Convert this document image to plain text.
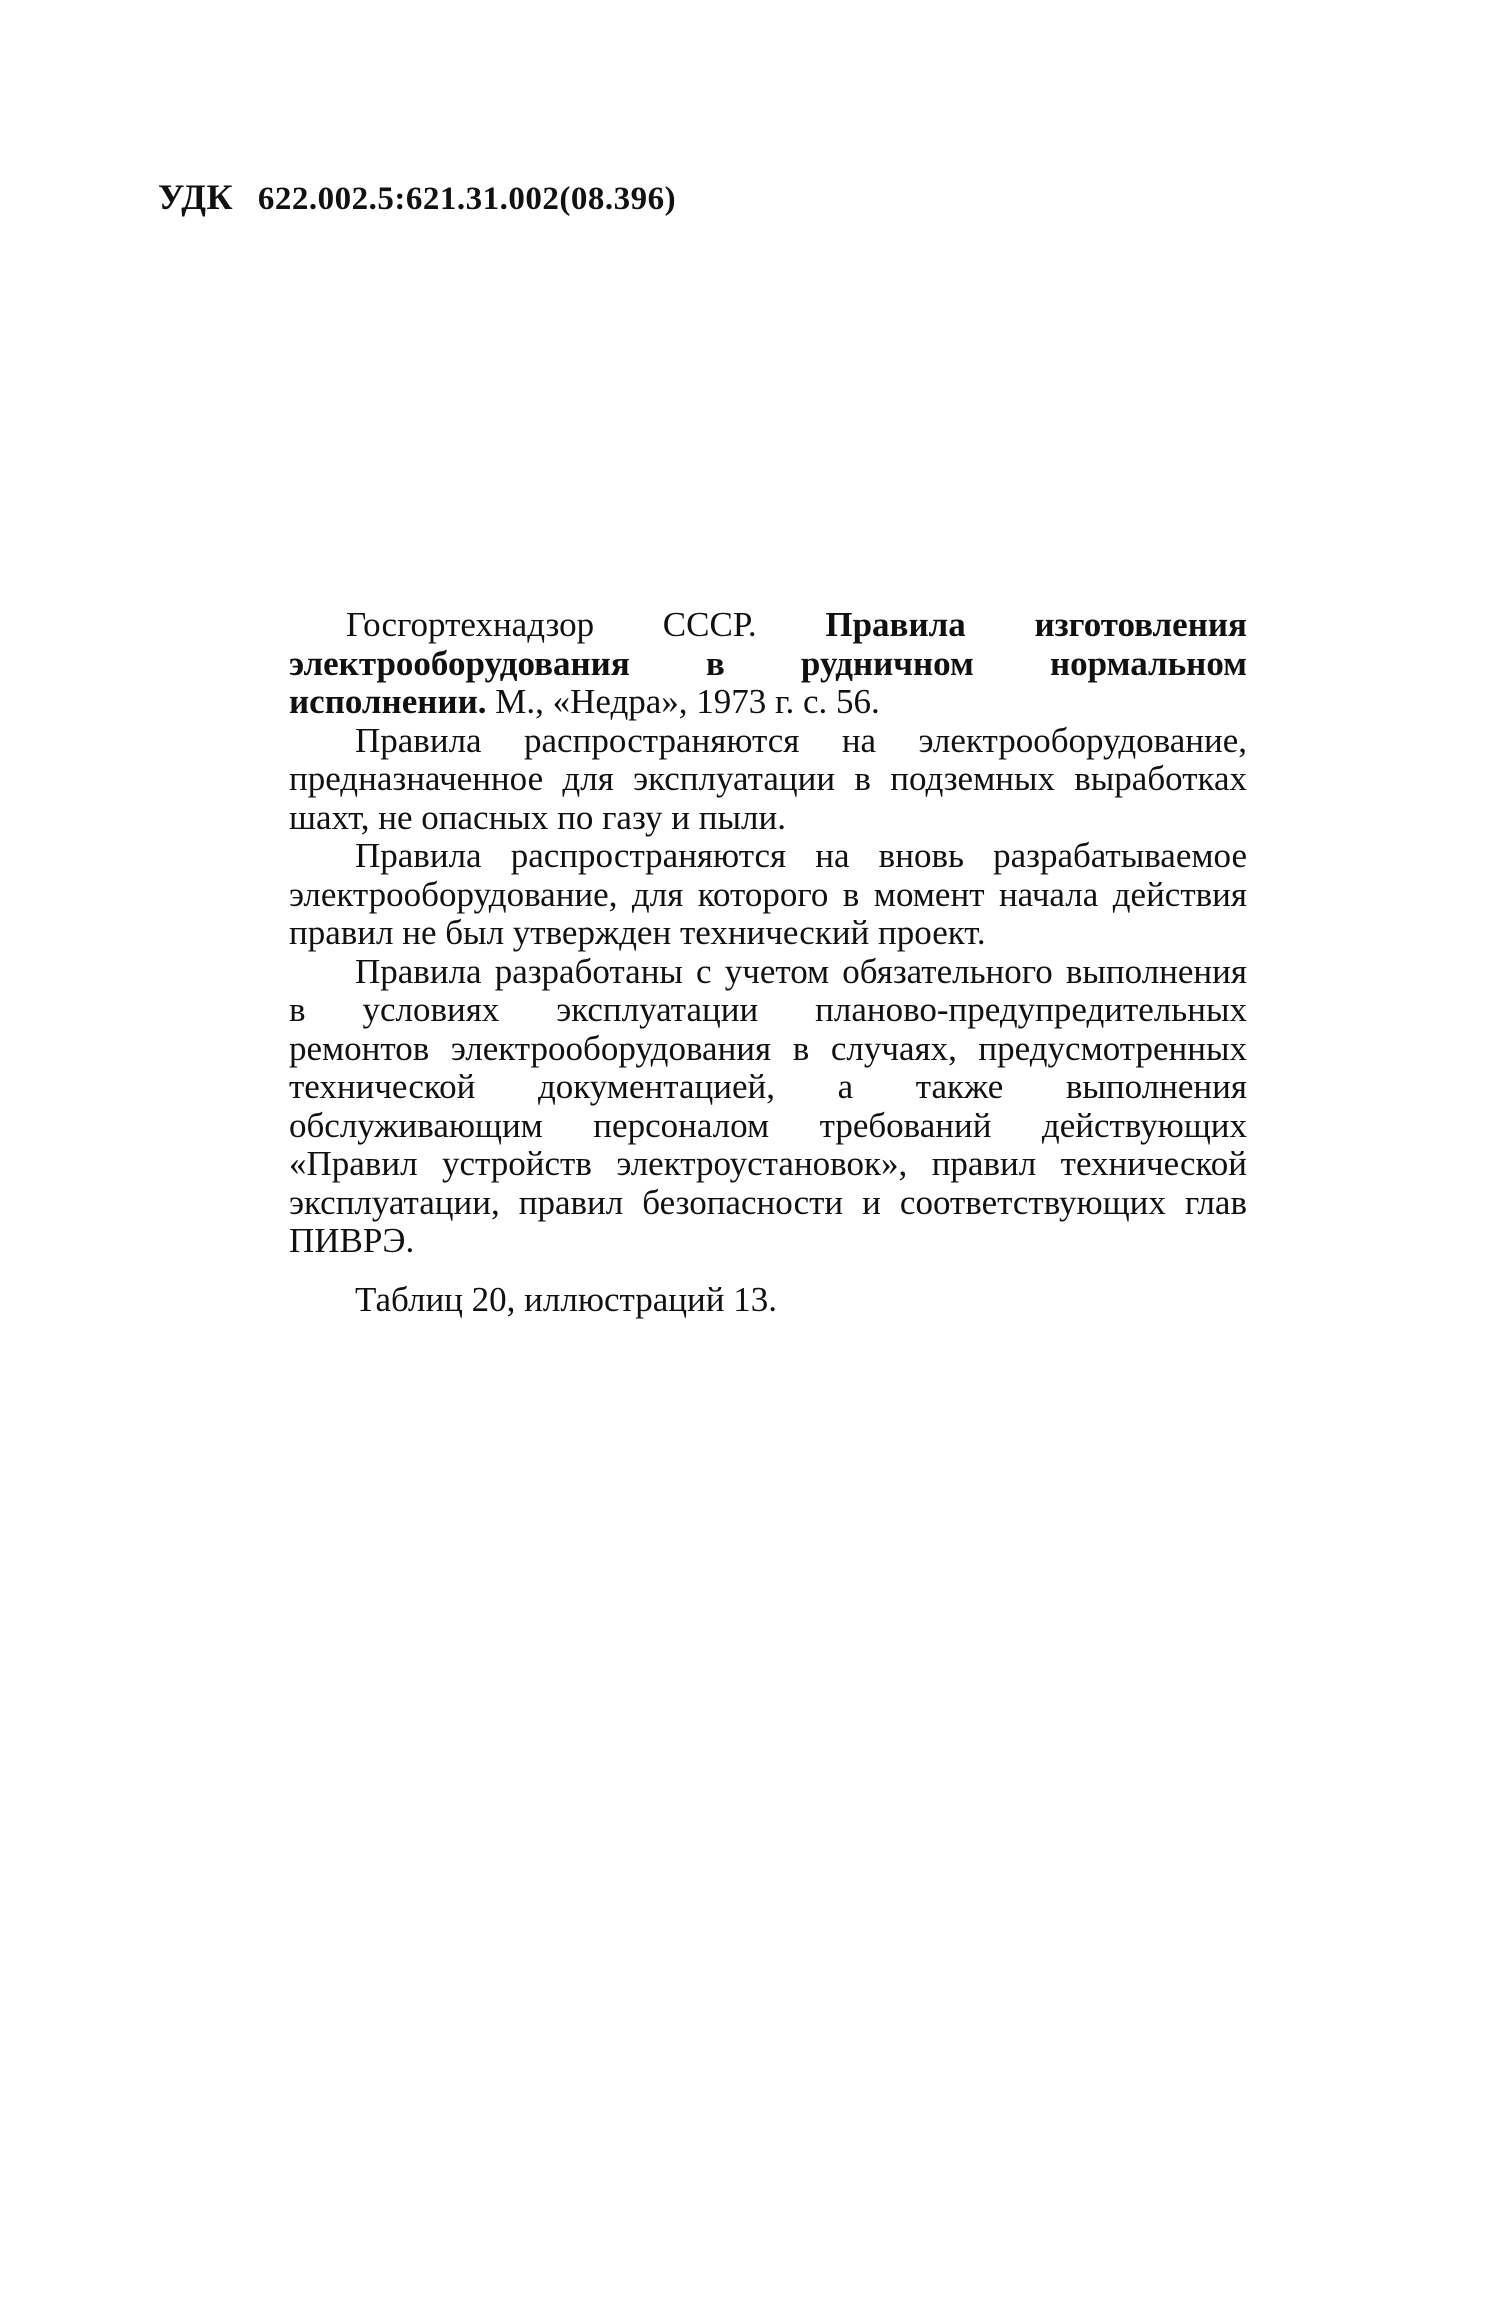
УДК 622.002.5:621.31.002(08.396)

Госгортехнадзор СССР. Правила изготовления электрооборудования в рудничном нормальном исполнении. М., «Недра», 1973 г. с. 56.

Правила распространяются на электрооборудование, предназначенное для эксплуатации в подземных выработках шахт, не опасных по газу и пыли.

Правила распространяются на вновь разрабатываемое электрооборудование, для которого в момент начала действия правил не был утвержден технический проект.

Правила разработаны с учетом обязательного выполнения в условиях эксплуатации планово-предупредительных ремонтов электрооборудования в случаях, предусмотренных технической документацией, а также выполнения обслуживающим персоналом требований действующих «Правил устройств электроустановок», правил технической эксплуатации, правил безопасности и соответствующих глав ПИВРЭ.

Таблиц 20, иллюстраций 13.
